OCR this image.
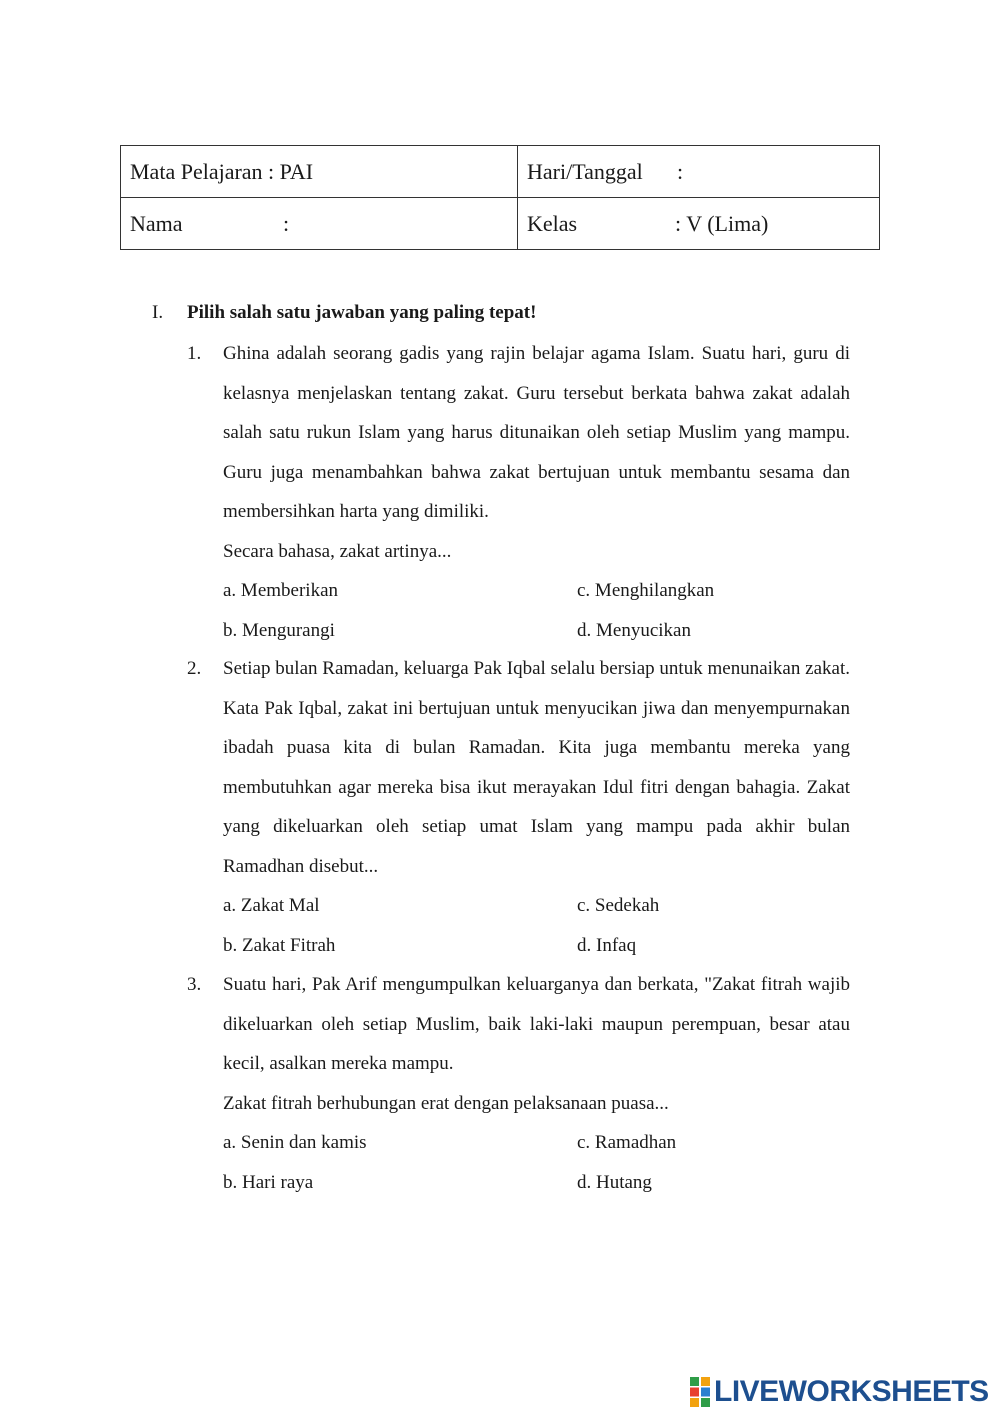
Mata Pelajaran : PAI	Hari/Tanggal :
Nama :	Kelas : V (Lima)
I. Pilih salah satu jawaban yang paling tepat!
1. Ghina adalah seorang gadis yang rajin belajar agama Islam. Suatu hari, guru di kelasnya menjelaskan tentang zakat. Guru tersebut berkata bahwa zakat adalah salah satu rukun Islam yang harus ditunaikan oleh setiap Muslim yang mampu. Guru juga menambahkan bahwa zakat bertujuan untuk membantu sesama dan membersihkan harta yang dimiliki.
Secara bahasa, zakat artinya...
a. Memberikan	c. Menghilangkan
b. Mengurangi	d. Menyucikan
2. Setiap bulan Ramadan, keluarga Pak Iqbal selalu bersiap untuk menunaikan zakat. Kata Pak Iqbal, zakat ini bertujuan untuk menyucikan jiwa dan menyempurnakan ibadah puasa kita di bulan Ramadan. Kita juga membantu mereka yang membutuhkan agar mereka bisa ikut merayakan Idul fitri dengan bahagia. Zakat yang dikeluarkan oleh setiap umat Islam yang mampu pada akhir bulan Ramadhan disebut...
a. Zakat Mal	c. Sedekah
b. Zakat Fitrah	d. Infaq
3. Suatu hari, Pak Arif mengumpulkan keluarganya dan berkata, "Zakat fitrah wajib dikeluarkan oleh setiap Muslim, baik laki-laki maupun perempuan, besar atau kecil, asalkan mereka mampu.
Zakat fitrah berhubungan erat dengan pelaksanaan puasa...
a. Senin dan kamis	c. Ramadhan
b. Hari raya	d. Hutang
LIVEWORKSHEETS
